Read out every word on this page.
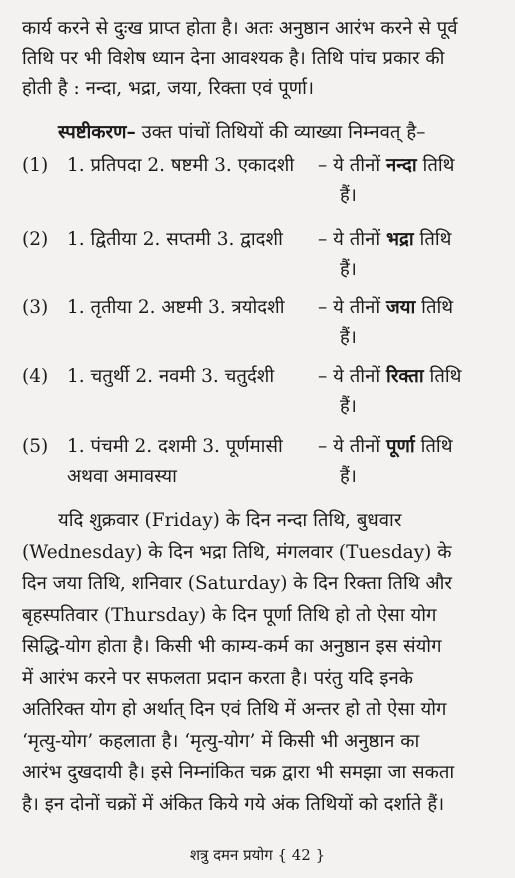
कार्य करने से दुःख प्राप्त होता है। अतः अनुष्ठान आरंभ करने से पूर्व
तिथि पर भी विशेष ध्यान देना आवश्यक है। तिथि पांच प्रकार की
होती है : नन्दा, भद्रा, जया, रिक्ता एवं पूर्णा।
स्पष्टीकरण– उक्त पांचों तिथियों की व्याख्या निम्नवत् है–
(1) 1. प्रतिपदा 2. षष्टमी 3. एकादशी – ये तीनों नन्दा तिथि
हैं।
(2) 1. द्वितीया 2. सप्तमी 3. द्वादशी – ये तीनों भद्रा तिथि
हैं।
(3) 1. तृतीया 2. अष्टमी 3. त्रयोदशी – ये तीनों जया तिथि
हैं।
(4) 1. चतुर्थी 2. नवमी 3. चतुर्दशी – ये तीनों रिक्ता तिथि
हैं।
(5) 1. पंचमी 2. दशमी 3. पूर्णमासी
अथवा अमावस्या
– ये तीनों पूर्णा तिथि
हैं।
यदि शुक्रवार (Friday) के दिन नन्दा तिथि, बुधवार
(Wednesday) के दिन भद्रा तिथि, मंगलवार (Tuesday) के
दिन जया तिथि, शनिवार (Saturday) के दिन रिक्ता तिथि और
बृहस्पतिवार (Thursday) के दिन पूर्णा तिथि हो तो ऐसा योग
सिद्धि-योग होता है। किसी भी काम्य-कर्म का अनुष्ठान इस संयोग
में आरंभ करने पर सफलता प्रदान करता है। परंतु यदि इनके
अतिरिक्त योग हो अर्थात् दिन एवं तिथि में अन्तर हो तो ऐसा योग
‘मृत्यु-योग’ कहलाता है। ‘मृत्यु-योग’ में किसी भी अनुष्ठान का
आरंभ दुखदायी है। इसे निम्नांकित चक्र द्वारा भी समझा जा सकता
है। इन दोनों चक्रों में अंकित किये गये अंक तिथियों को दर्शाते हैं।
शत्रु दमन प्रयोग { 42 }
